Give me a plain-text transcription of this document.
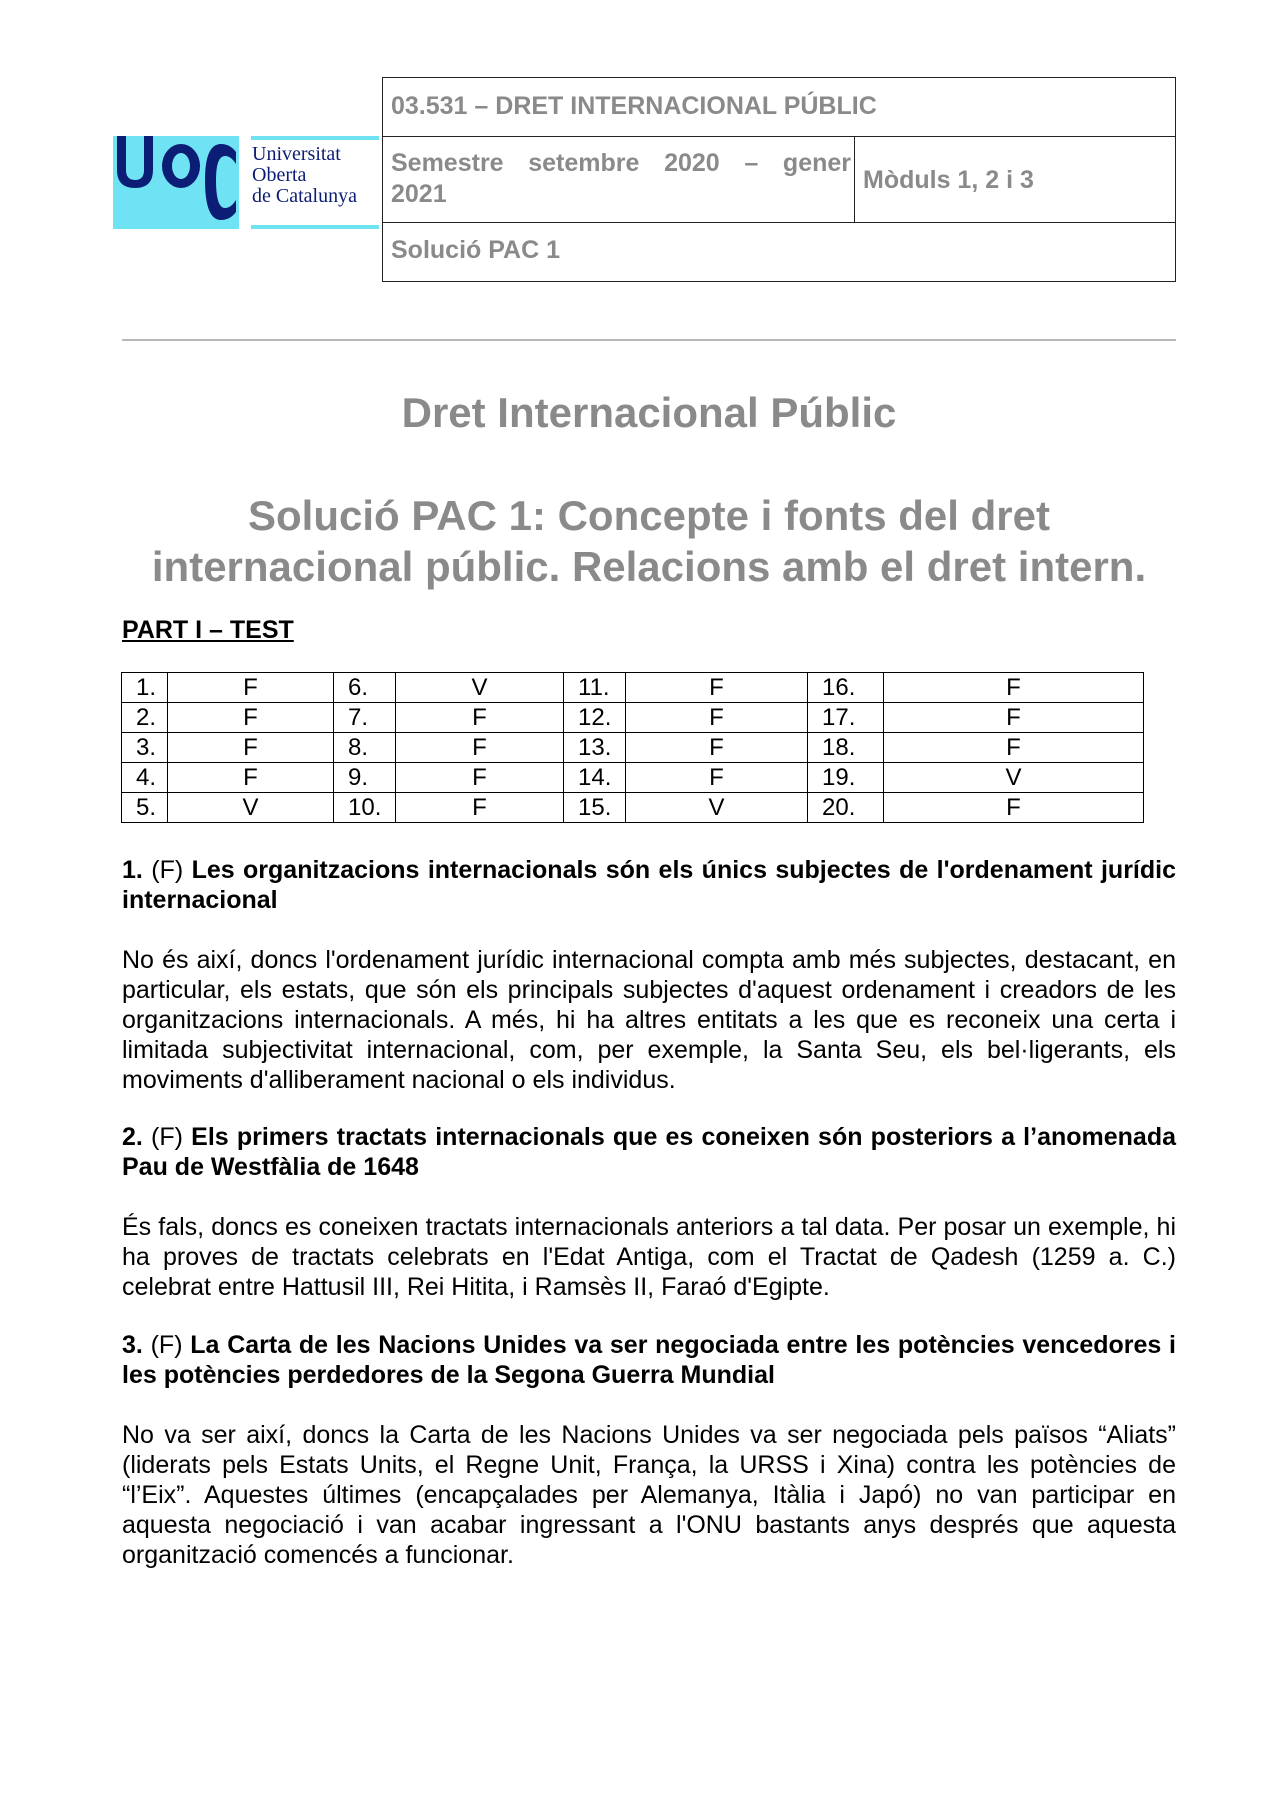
Universitat
Oberta
de Catalunya
03.531 – DRET INTERNACIONAL PÚBLIC
Semestre setembre 2020 – gener 2021	Mòduls 1, 2 i 3
Solució PAC 1
Dret Internacional Públic
Solució PAC 1: Concepte i fonts del dret
internacional públic. Relacions amb el dret intern.
PART I – TEST
1.	F	6.	V	11.	F	16.	F
2.	F	7.	F	12.	F	17.	F
3.	F	8.	F	13.	F	18.	F
4.	F	9.	F	14.	F	19.	V
5.	V	10.	F	15.	V	20.	F
1. (F) Les organitzacions internacionals són els únics subjectes de l'ordenament jurídic internacional
No és així, doncs l'ordenament jurídic internacional compta amb més subjectes, destacant, en particular, els estats, que són els principals subjectes d'aquest ordenament i creadors de les organitzacions internacionals. A més, hi ha altres entitats a les que es reconeix una certa i limitada subjectivitat internacional, com, per exemple, la Santa Seu, els bel·ligerants, els moviments d'alliberament nacional o els individus.
2. (F) Els primers tractats internacionals que es coneixen són posteriors a l’anomenada Pau de Westfàlia de 1648
És fals, doncs es coneixen tractats internacionals anteriors a tal data. Per posar un exemple, hi ha proves de tractats celebrats en l'Edat Antiga, com el Tractat de Qadesh (1259 a. C.) celebrat entre Hattusil III, Rei Hitita, i Ramsès II, Faraó d'Egipte.
3. (F) La Carta de les Nacions Unides va ser negociada entre les potències vencedores i les potències perdedores de la Segona Guerra Mundial
No va ser així, doncs la Carta de les Nacions Unides va ser negociada pels països “Aliats” (liderats pels Estats Units, el Regne Unit, França, la URSS i Xina) contra les potències de “l’Eix”. Aquestes últimes (encapçalades per Alemanya, Itàlia i Japó) no van participar en aquesta negociació i van acabar ingressant a l'ONU bastants anys després que aquesta organització comencés a funcionar.
